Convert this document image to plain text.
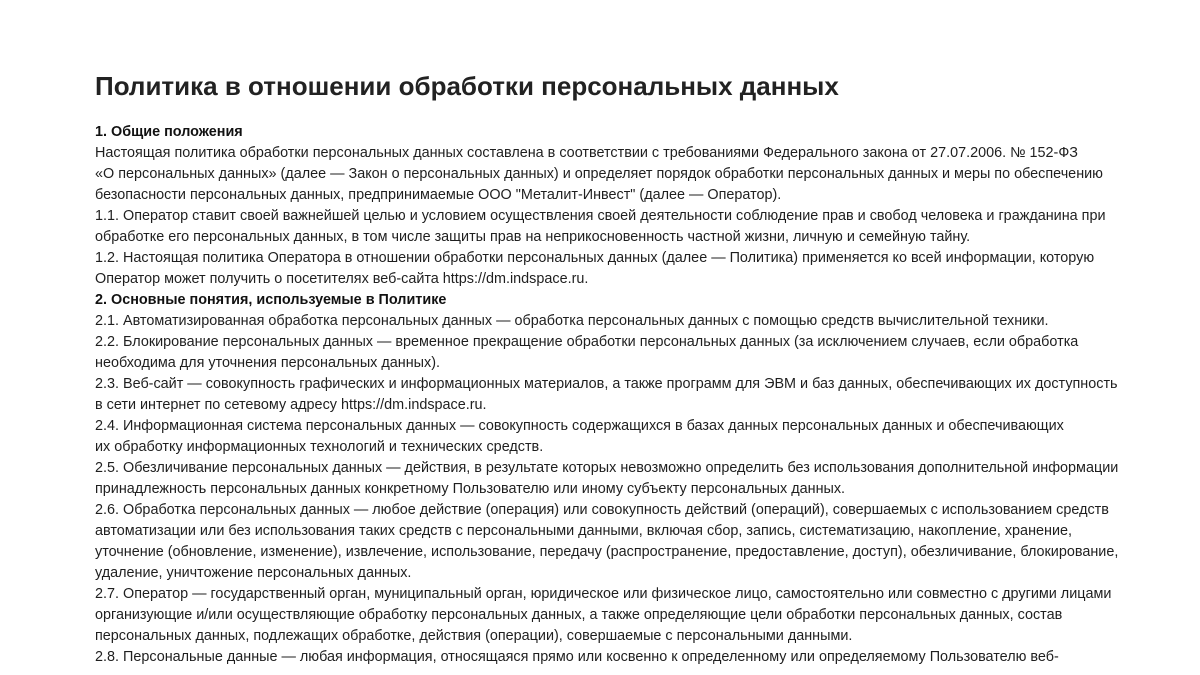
Политика в отношении обработки персональных данных

1. Общие положения

Настоящая политика обработки персональных данных составлена в соответствии с требованиями Федерального закона от 27.07.2006. № 152-ФЗ

«О персональных данных» (далее — Закон о персональных данных) и определяет порядок обработки персональных данных и меры по обеспечению

безопасности персональных данных, предпринимаемые ООО "Металит-Инвест" (далее — Оператор).

1.1. Оператор ставит своей важнейшей целью и условием осуществления своей деятельности соблюдение прав и свобод человека и гражданина при

обработке его персональных данных, в том числе защиты прав на неприкосновенность частной жизни, личную и семейную тайну.

1.2. Настоящая политика Оператора в отношении обработки персональных данных (далее — Политика) применяется ко всей информации, которую

Оператор может получить о посетителях веб-сайта https://dm.indspace.ru.

2. Основные понятия, используемые в Политике

2.1. Автоматизированная обработка персональных данных — обработка персональных данных с помощью средств вычислительной техники.

2.2. Блокирование персональных данных — временное прекращение обработки персональных данных (за исключением случаев, если обработка

необходима для уточнения персональных данных).

2.3. Веб-сайт — совокупность графических и информационных материалов, а также программ для ЭВМ и баз данных, обеспечивающих их доступность

в сети интернет по сетевому адресу https://dm.indspace.ru.

2.4. Информационная система персональных данных — совокупность содержащихся в базах данных персональных данных и обеспечивающих

их обработку информационных технологий и технических средств.

2.5. Обезличивание персональных данных — действия, в результате которых невозможно определить без использования дополнительной информации

принадлежность персональных данных конкретному Пользователю или иному субъекту персональных данных.

2.6. Обработка персональных данных — любое действие (операция) или совокупность действий (операций), совершаемых с использованием средств

автоматизации или без использования таких средств с персональными данными, включая сбор, запись, систематизацию, накопление, хранение,

уточнение (обновление, изменение), извлечение, использование, передачу (распространение, предоставление, доступ), обезличивание, блокирование,

удаление, уничтожение персональных данных.

2.7. Оператор — государственный орган, муниципальный орган, юридическое или физическое лицо, самостоятельно или совместно с другими лицами

организующие и/или осуществляющие обработку персональных данных, а также определяющие цели обработки персональных данных, состав

персональных данных, подлежащих обработке, действия (операции), совершаемые с персональными данными.

2.8. Персональные данные — любая информация, относящаяся прямо или косвенно к определенному или определяемому Пользователю веб-
